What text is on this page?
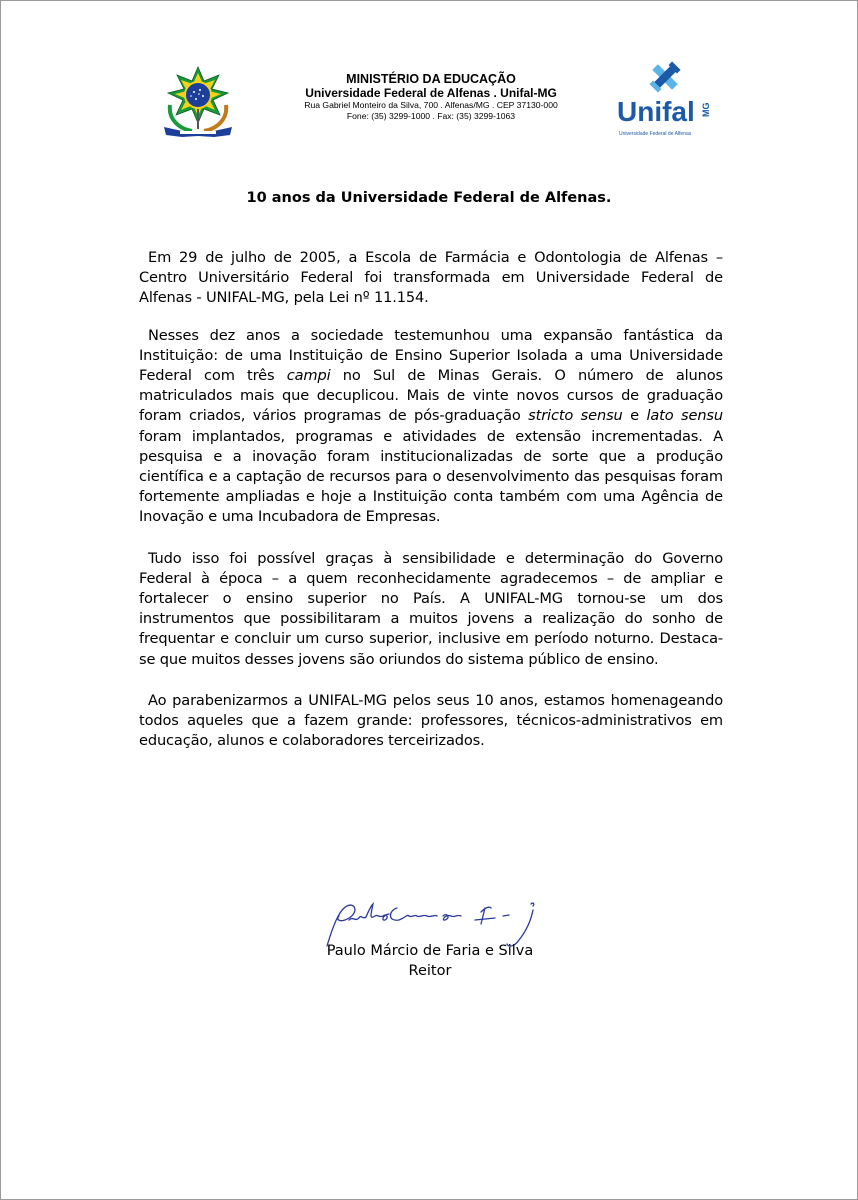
MINISTÉRIO DA EDUCAÇÃO
Universidade Federal de Alfenas . Unifal-MG
Rua Gabriel Monteiro da Silva, 700 . Alfenas/MG . CEP 37130-000
Fone: (35) 3299-1000 . Fax: (35) 3299-1063	Unifal MG
Universidade Federal de Alfenas
10 anos da Universidade Federal de Alfenas.

Em 29 de julho de 2005, a Escola de Farmácia e Odontologia de Alfenas – Centro Universitário Federal foi transformada em Universidade Federal de Alfenas - UNIFAL-MG, pela Lei nº 11.154.

Nesses dez anos a sociedade testemunhou uma expansão fantástica da Instituição: de uma Instituição de Ensino Superior Isolada a uma Universidade Federal com três campi no Sul de Minas Gerais. O número de alunos matriculados mais que decuplicou. Mais de vinte novos cursos de graduação foram criados, vários programas de pós-graduação stricto sensu e lato sensu foram implantados, programas e atividades de extensão incrementadas. A pesquisa e a inovação foram institucionalizadas de sorte que a produção científica e a captação de recursos para o desenvolvimento das pesquisas foram fortemente ampliadas e hoje a Instituição conta também com uma Agência de Inovação e uma Incubadora de Empresas.

Tudo isso foi possível graças à sensibilidade e determinação do Governo Federal à época – a quem reconhecidamente agradecemos – de ampliar e fortalecer o ensino superior no País. A UNIFAL-MG tornou-se um dos instrumentos que possibilitaram a muitos jovens a realização do sonho de frequentar e concluir um curso superior, inclusive em período noturno. Destaca-se que muitos desses jovens são oriundos do sistema público de ensino.

Ao parabenizarmos a UNIFAL-MG pelos seus 10 anos, estamos homenageando todos aqueles que a fazem grande: professores, técnicos-administrativos em educação, alunos e colaboradores terceirizados.

Paulo Márcio de Faria e Silva
Reitor
